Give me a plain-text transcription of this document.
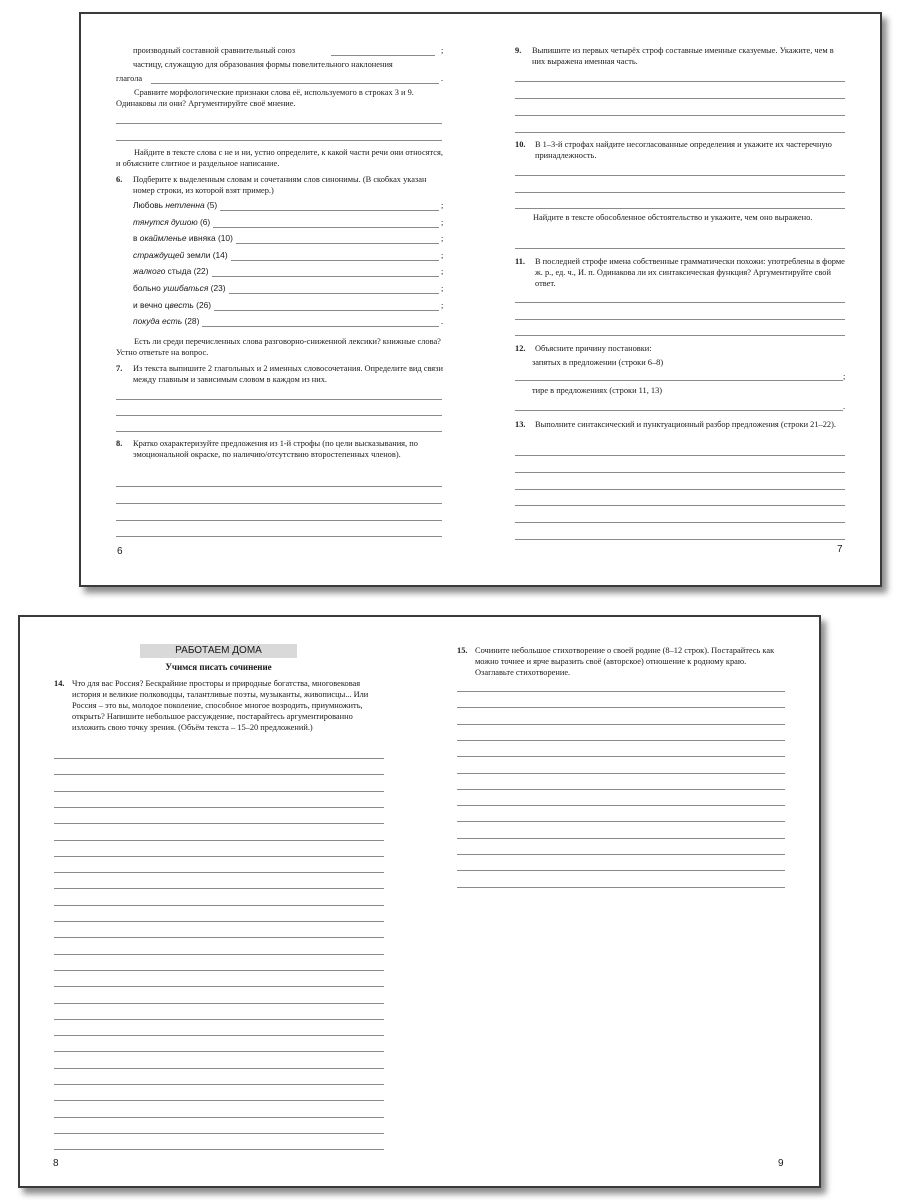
производный составной сравнительный союз	;
частицу, служащую для образования формы повелительного наклонения
глагола	.

Сравните морфологические признаки слова её, используемого в строках 3 и 9. Одинаковы ли они? Аргументируйте своё мнение.

Найдите в тексте слова с не и ни, устно определите, к какой части речи они относятся, и объясните слитное и раздельное написание.

6. Подберите к выделенным словам и сочетаниям слов синонимы. (В скобках указан номер строки, из которой взят пример.)

Любовь нетленна (5)	;
тянутся душою (6)	;
в окаймленье ивняка (10)	;
страждущей земли (14)	;
жалкого стыда (22)	;
больно ушибаться (23)	;
и вечно цвесть (26)	;
покуда есть (28)	.

Есть ли среди перечисленных слова разговорно-сниженной лексики? книжные слова? Устно ответьте на вопрос.

7. Из текста выпишите 2 глагольных и 2 именных словосочетания. Определите вид связи между главным и зависимым словом в каждом из них.

8. Кратко охарактеризуйте предложения из 1-й строфы (по цели высказывания, по эмоциональной окраске, по наличию/отсутствию второстепенных членов).

6
9. Выпишите из первых четырёх строф составные именные сказуемые. Укажите, чем в них выражена именная часть.

10. В 1–3-й строфах найдите несогласованные определения и укажите их частеречную принадлежность.

Найдите в тексте обособленное обстоятельство и укажите, чем оно выражено.

11. В последней строфе имена собственные грамматически похожи: употреблены в форме ж. р., ед. ч., И. п. Одинакова ли их синтаксическая функция? Аргументируйте свой ответ.

12. Объясните причину постановки:

запятых в предложении (строки 6–8)
;
тире в предложениях (строки 11, 13)
.
13. Выполните синтаксический и пунктуационный разбор предложения (строки 21–22).

7
РАБОТАЕМ ДОМА
Учимся писать сочинение
14. Что для вас Россия? Бескрайние просторы и природные богатства, многовековая история и великие полководцы, талантливые поэты, музыканты, живописцы... Или Россия – это вы, молодое поколение, способное многое возродить, приумножить, открыть? Напишите небольшое рассуждение, постарайтесь аргументированно изложить свою точку зрения. (Объём текста – 15–20 предложений.)

8
15. Сочините небольшое стихотворение о своей родине (8–12 строк). Постарайтесь как можно точнее и ярче выразить своё (авторское) отношение к родному краю. Озаглавьте стихотворение.

9
